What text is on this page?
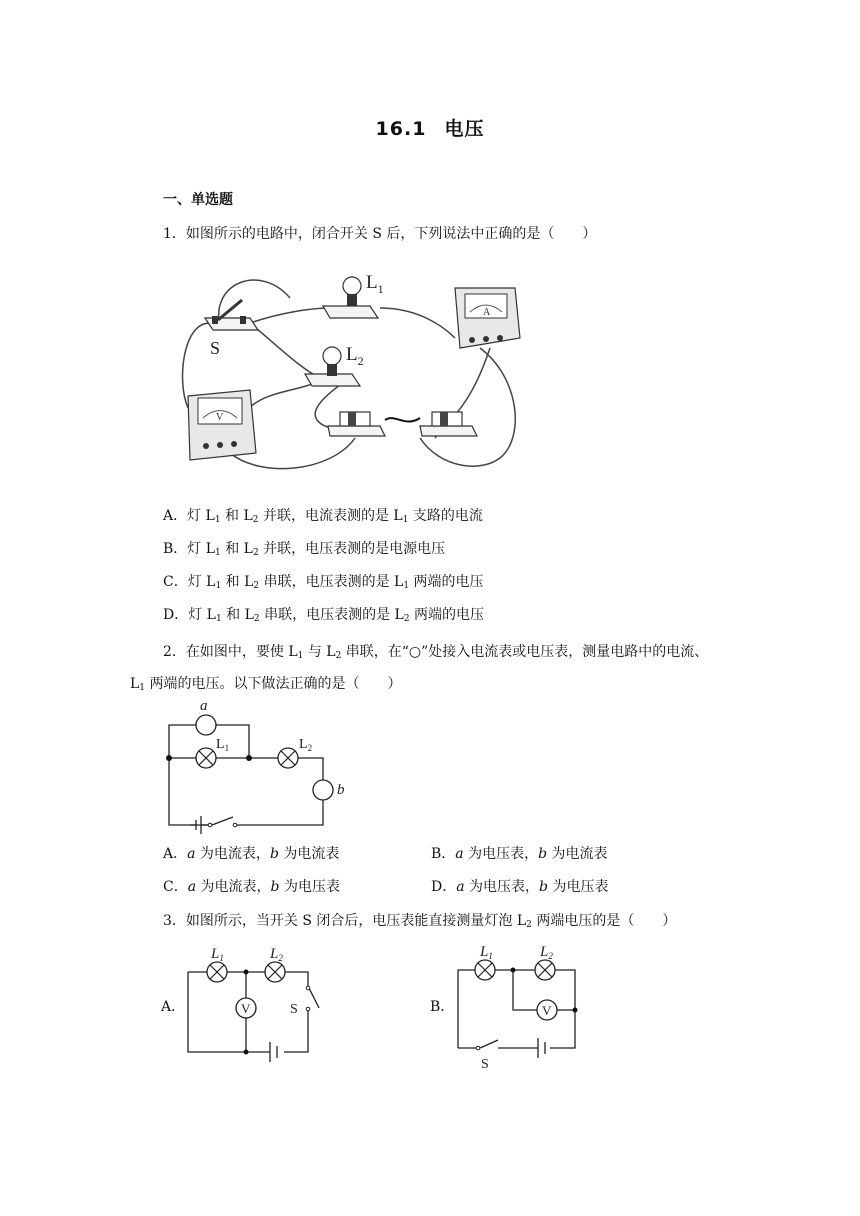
16.1 电压
一、单选题
1．如图所示的电路中，闭合开关 S 后，下列说法中正确的是（　　）
S
$L_1$
$L_2$
A
V
A．灯 $L_1$ 和 $L_2$ 并联，电流表测的是 $L_1$ 支路的电流
B．灯 $L_1$ 和 $L_2$ 并联，电压表测的是电源电压
C．灯 $L_1$ 和 $L_2$ 串联，电压表测的是 $L_1$ 两端的电压
D．灯 $L_1$ 和 $L_2$ 串联，电压表测的是 $L_2$ 两端的电压
2．在如图中，要使 $L_1$ 与 $L_2$ 串联，在“○”处接入电流表或电压表，测量电路中的电流、
$L_1$ 两端的电压。以下做法正确的是（　　）
a
$L_1$	$L_2$
b
A．a 为电流表，b 为电流表	B．a 为电压表，b 为电流表
C．a 为电流表，b 为电压表	D．a 为电压表，b 为电压表
3．如图所示，当开关 S 闭合后，电压表能直接测量灯泡 $L_2$ 两端电压的是（　　）
A．
$L_1$	$L_2$
V	S	B．
$L_1$	$L_2$
V
S
